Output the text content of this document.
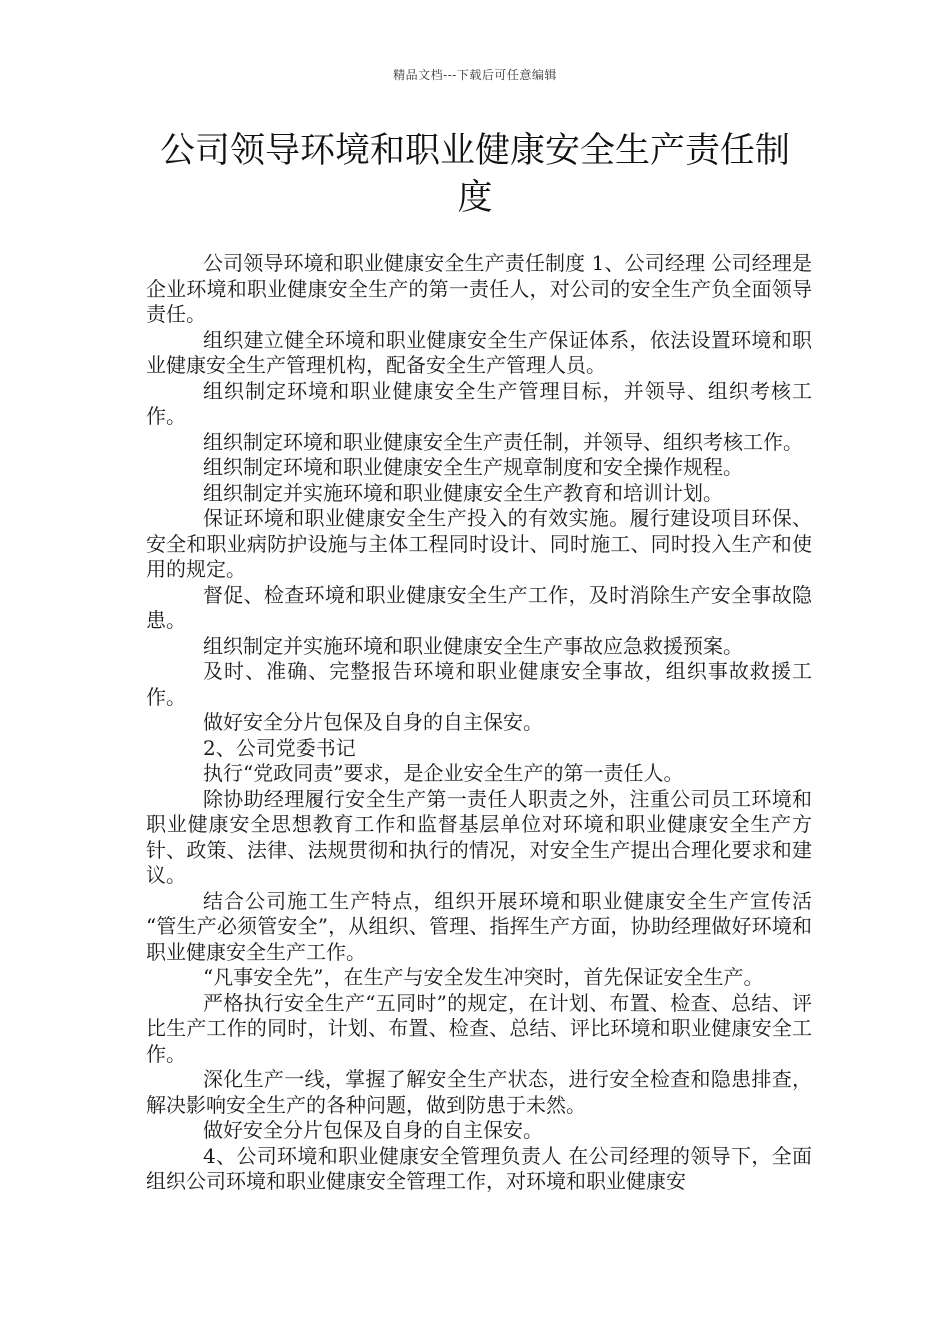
精品文档---下载后可任意编辑
公司领导环境和职业健康安全生产责任制度

公司领导环境和职业健康安全生产责任制度 1、公司经理 公司经理是企业环境和职业健康安全生产的第一责任人，对公司的安全生产负全面领导责任。

组织建立健全环境和职业健康安全生产保证体系，依法设置环境和职业健康安全生产管理机构，配备安全生产管理人员。

组织制定环境和职业健康安全生产管理目标，并领导、组织考核工作。

组织制定环境和职业健康安全生产责任制，并领导、组织考核工作。

组织制定环境和职业健康安全生产规章制度和安全操作规程。

组织制定并实施环境和职业健康安全生产教育和培训计划。

保证环境和职业健康安全生产投入的有效实施。履行建设项目环保、安全和职业病防护设施与主体工程同时设计、同时施工、同时投入生产和使用的规定。

督促、检查环境和职业健康安全生产工作，及时消除生产安全事故隐患。

组织制定并实施环境和职业健康安全生产事故应急救援预案。

及时、准确、完整报告环境和职业健康安全事故，组织事故救援工作。

做好安全分片包保及自身的自主保安。

2、公司党委书记

执行“党政同责”要求，是企业安全生产的第一责任人。

除协助经理履行安全生产第一责任人职责之外，注重公司员工环境和职业健康安全思想教育工作和监督基层单位对环境和职业健康安全生产方针、政策、法律、法规贯彻和执行的情况，对安全生产提出合理化要求和建议。

结合公司施工生产特点，组织开展环境和职业健康安全生产宣传活 “管生产必须管安全”，从组织、管理、指挥生产方面，协助经理做好环境和职业健康安全生产工作。

“凡事安全先”，在生产与安全发生冲突时，首先保证安全生产。

严格执行安全生产“五同时”的规定，在计划、布置、检查、总结、评比生产工作的同时，计划、布置、检查、总结、评比环境和职业健康安全工作。

深化生产一线，掌握了解安全生产状态，进行安全检查和隐患排查，解决影响安全生产的各种问题，做到防患于未然。

做好安全分片包保及自身的自主保安。

4、公司环境和职业健康安全管理负责人 在公司经理的领导下，全面组织公司环境和职业健康安全管理工作，对环境和职业健康安
